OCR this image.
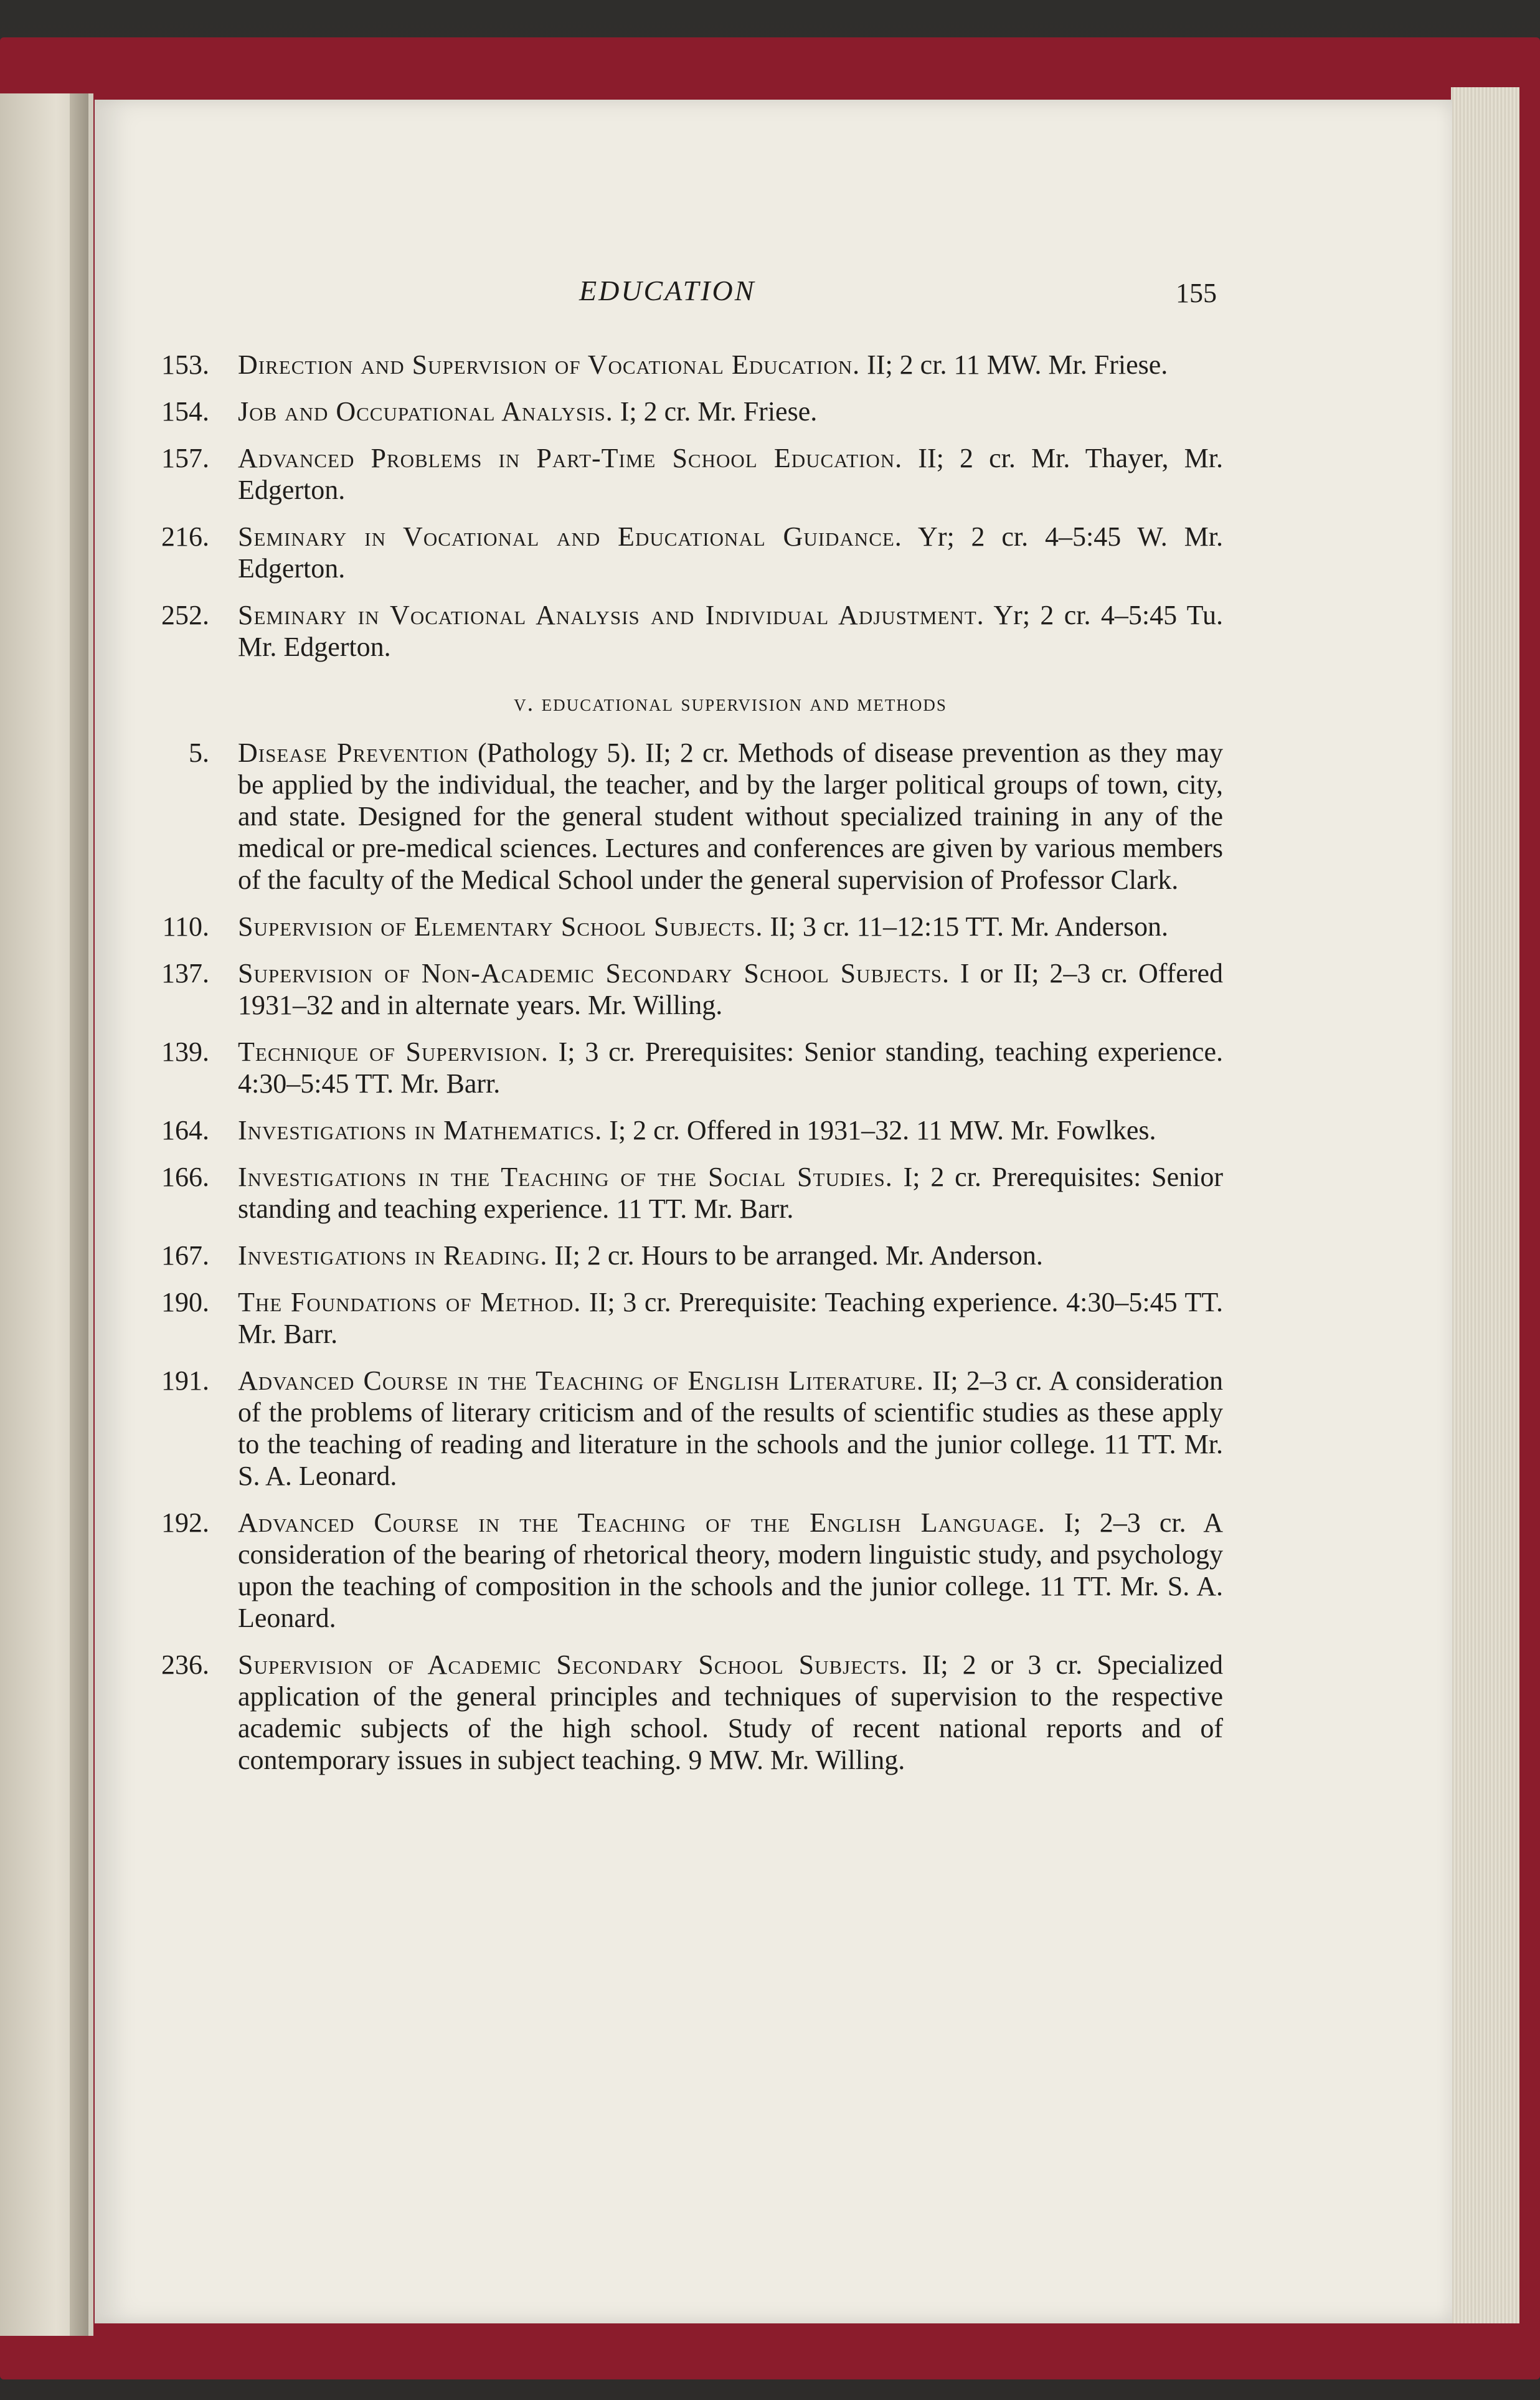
EDUCATION	155
153. Direction and Supervision of Vocational Education. II; 2 cr. 11 MW. Mr. Friese.
154. Job and Occupational Analysis. I; 2 cr. Mr. Friese.
157. Advanced Problems in Part-Time School Education. II; 2 cr. Mr. Thayer, Mr. Edgerton.
216. Seminary in Vocational and Educational Guidance. Yr; 2 cr. 4–5:45 W. Mr. Edgerton.
252. Seminary in Vocational Analysis and Individual Adjustment. Yr; 2 cr. 4–5:45 Tu. Mr. Edgerton.
v. educational supervision and methods
5. Disease Prevention (Pathology 5). II; 2 cr. Methods of disease prevention as they may be applied by the individual, the teacher, and by the larger political groups of town, city, and state. Designed for the general student without specialized training in any of the medical or pre-medical sciences. Lectures and conferences are given by various members of the faculty of the Medical School under the general supervision of Professor Clark.
110. Supervision of Elementary School Subjects. II; 3 cr. 11–12:15 TT. Mr. Anderson.
137. Supervision of Non-Academic Secondary School Subjects. I or II; 2–3 cr. Offered 1931–32 and in alternate years. Mr. Willing.
139. Technique of Supervision. I; 3 cr. Prerequisites: Senior standing, teaching experience. 4:30–5:45 TT. Mr. Barr.
164. Investigations in Mathematics. I; 2 cr. Offered in 1931–32. 11 MW. Mr. Fowlkes.
166. Investigations in the Teaching of the Social Studies. I; 2 cr. Prerequisites: Senior standing and teaching experience. 11 TT. Mr. Barr.
167. Investigations in Reading. II; 2 cr. Hours to be arranged. Mr. Anderson.
190. The Foundations of Method. II; 3 cr. Prerequisite: Teaching experience. 4:30–5:45 TT. Mr. Barr.
191. Advanced Course in the Teaching of English Literature. II; 2–3 cr. A consideration of the problems of literary criticism and of the results of scientific studies as these apply to the teaching of reading and literature in the schools and the junior college. 11 TT. Mr. S. A. Leonard.
192. Advanced Course in the Teaching of the English Language. I; 2–3 cr. A consideration of the bearing of rhetorical theory, modern linguistic study, and psychology upon the teaching of composition in the schools and the junior college. 11 TT. Mr. S. A. Leonard.
236. Supervision of Academic Secondary School Subjects. II; 2 or 3 cr. Specialized application of the general principles and techniques of supervision to the respective academic subjects of the high school. Study of recent national reports and of contemporary issues in subject teaching. 9 MW. Mr. Willing.
